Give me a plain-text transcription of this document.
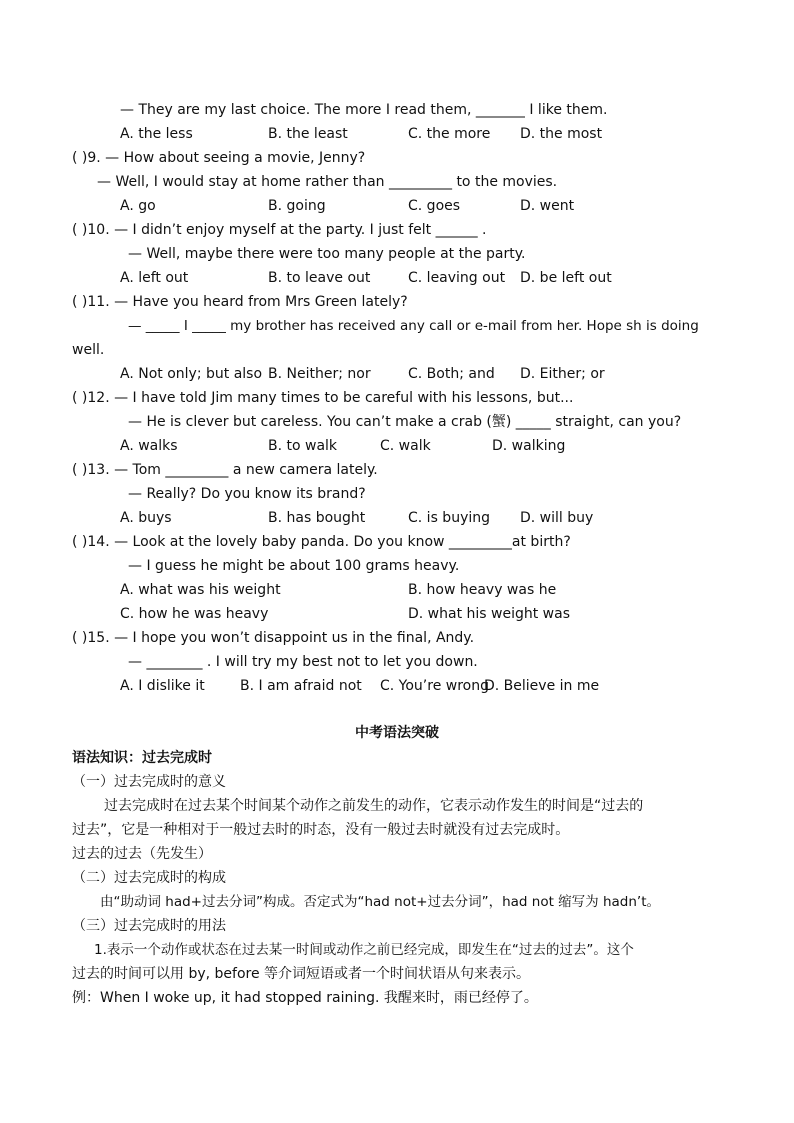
— They are my last choice. The more I read them, _______ I like them.
A. the less	B. the least	C. the more D. the most
( )9. — How about seeing a movie, Jenny?
— Well, I would stay at home rather than _________ to the movies.
A. go	B. going	C. goes	D. went
( )10. — I didn’t enjoy myself at the party. I just felt ______ .
— Well, maybe there were too many people at the party.
A. left out	B. to leave out	C. leaving out D. be left out
( )11. — Have you heard from Mrs Green lately?
— _____ I _____ my brother has received any call or e-mail from her. Hope sh is doing
well.
A. Not only; but also B. Neither; nor	C. Both; and D. Either; or
( )12. — I have told Jim many times to be careful with his lessons, but...
— He is clever but careless. You can’t make a crab (蟹) _____ straight, can you?
A. walks	B. to walk	C. walk	D. walking
( )13. — Tom _________ a new camera lately.
— Really? Do you know its brand?
A. buys	B. has bought	C. is buying D. will buy
( )14. — Look at the lovely baby panda. Do you know _________at birth?
— I guess he might be about 100 grams heavy.
A. what was his weight	B. how heavy was he
C. how he was heavy	D. what his weight was
( )15. — I hope you won’t disappoint us in the final, Andy.
— ________ . I will try my best not to let you down.
A. I dislike it	B. I am afraid not C. You’re wrong
D. Believe in me
中考语法突破
语法知识：过去完成时
（一）过去完成时的意义
过去完成时在过去某个时间某个动作之前发生的动作，它表示动作发生的时间是“过去的
过去”，它是一种相对于一般过去时的时态，没有一般过去时就没有过去完成时。
过去的过去（先发生）
（二）过去完成时的构成
由“助动词 had+过去分词”构成。否定式为“had not+过去分词”，had not 缩写为 hadn’t。
（三）过去完成时的用法
1.表示一个动作或状态在过去某一时间或动作之前已经完成，即发生在“过去的过去”。这个
过去的时间可以用 by, before 等介词短语或者一个时间状语从句来表示。
例：When I woke up, it had stopped raining. 我醒来时，雨已经停了。
